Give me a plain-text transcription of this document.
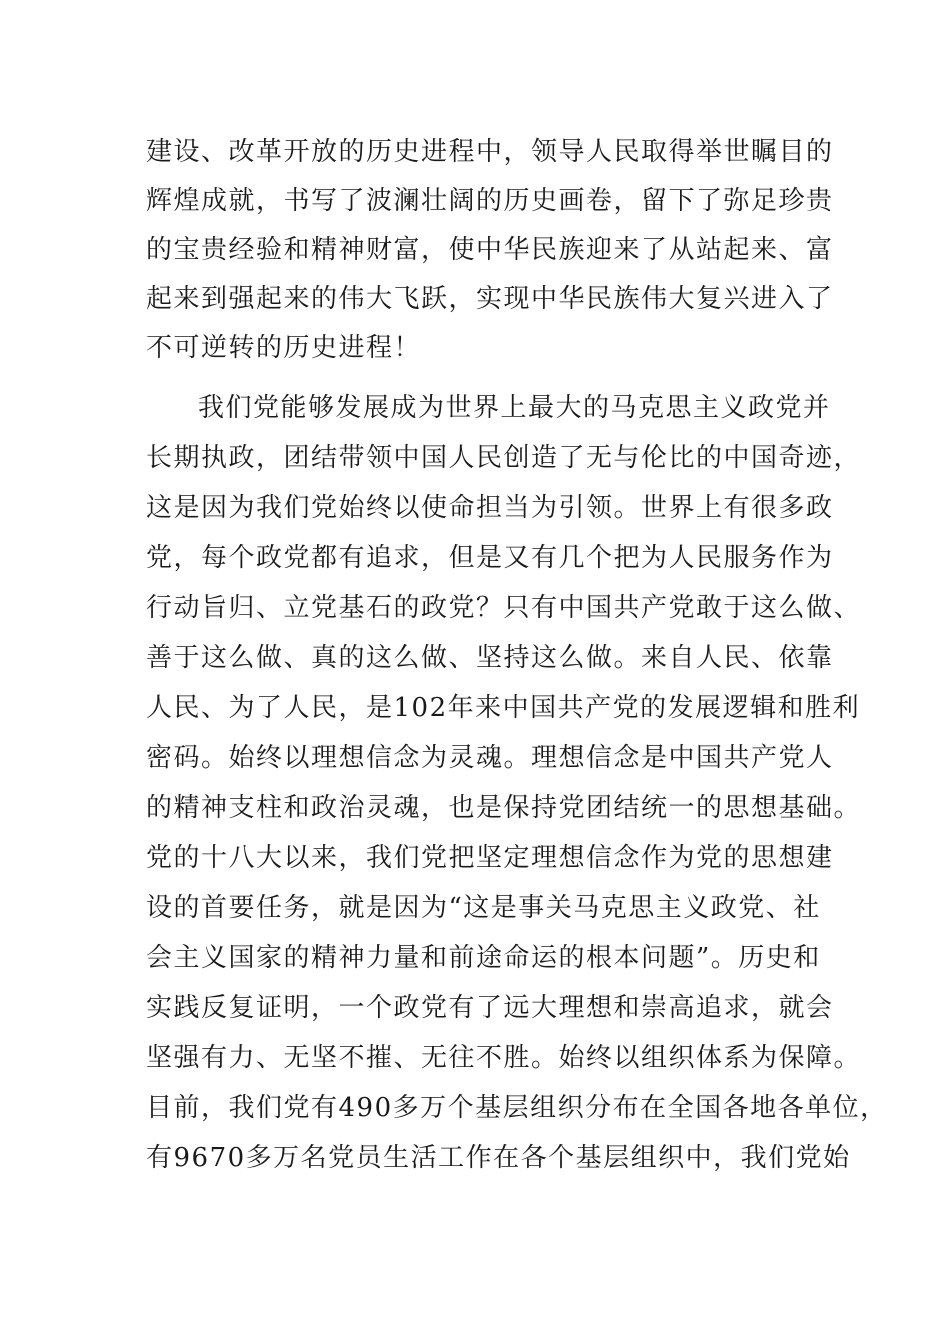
建设、改革开放的历史进程中，领导人民取得举世瞩目的
辉煌成就，书写了波澜壮阔的历史画卷，留下了弥足珍贵
的宝贵经验和精神财富，使中华民族迎来了从站起来、富
起来到强起来的伟大飞跃，实现中华民族伟大复兴进入了
不可逆转的历史进程！
我们党能够发展成为世界上最大的马克思主义政党并
长期执政，团结带领中国人民创造了无与伦比的中国奇迹，
这是因为我们党始终以使命担当为引领。世界上有很多政
党，每个政党都有追求，但是又有几个把为人民服务作为
行动旨归、立党基石的政党？只有中国共产党敢于这么做、
善于这么做、真的这么做、坚持这么做。来自人民、依靠
人民、为了人民，是102年来中国共产党的发展逻辑和胜利
密码。始终以理想信念为灵魂。理想信念是中国共产党人
的精神支柱和政治灵魂，也是保持党团结统一的思想基础。
党的十八大以来，我们党把坚定理想信念作为党的思想建
设的首要任务，就是因为“这是事关马克思主义政党、社
会主义国家的精神力量和前途命运的根本问题”。历史和
实践反复证明，一个政党有了远大理想和崇高追求，就会
坚强有力、无坚不摧、无往不胜。始终以组织体系为保障。
目前，我们党有490多万个基层组织分布在全国各地各单位，
有9670多万名党员生活工作在各个基层组织中，我们党始
